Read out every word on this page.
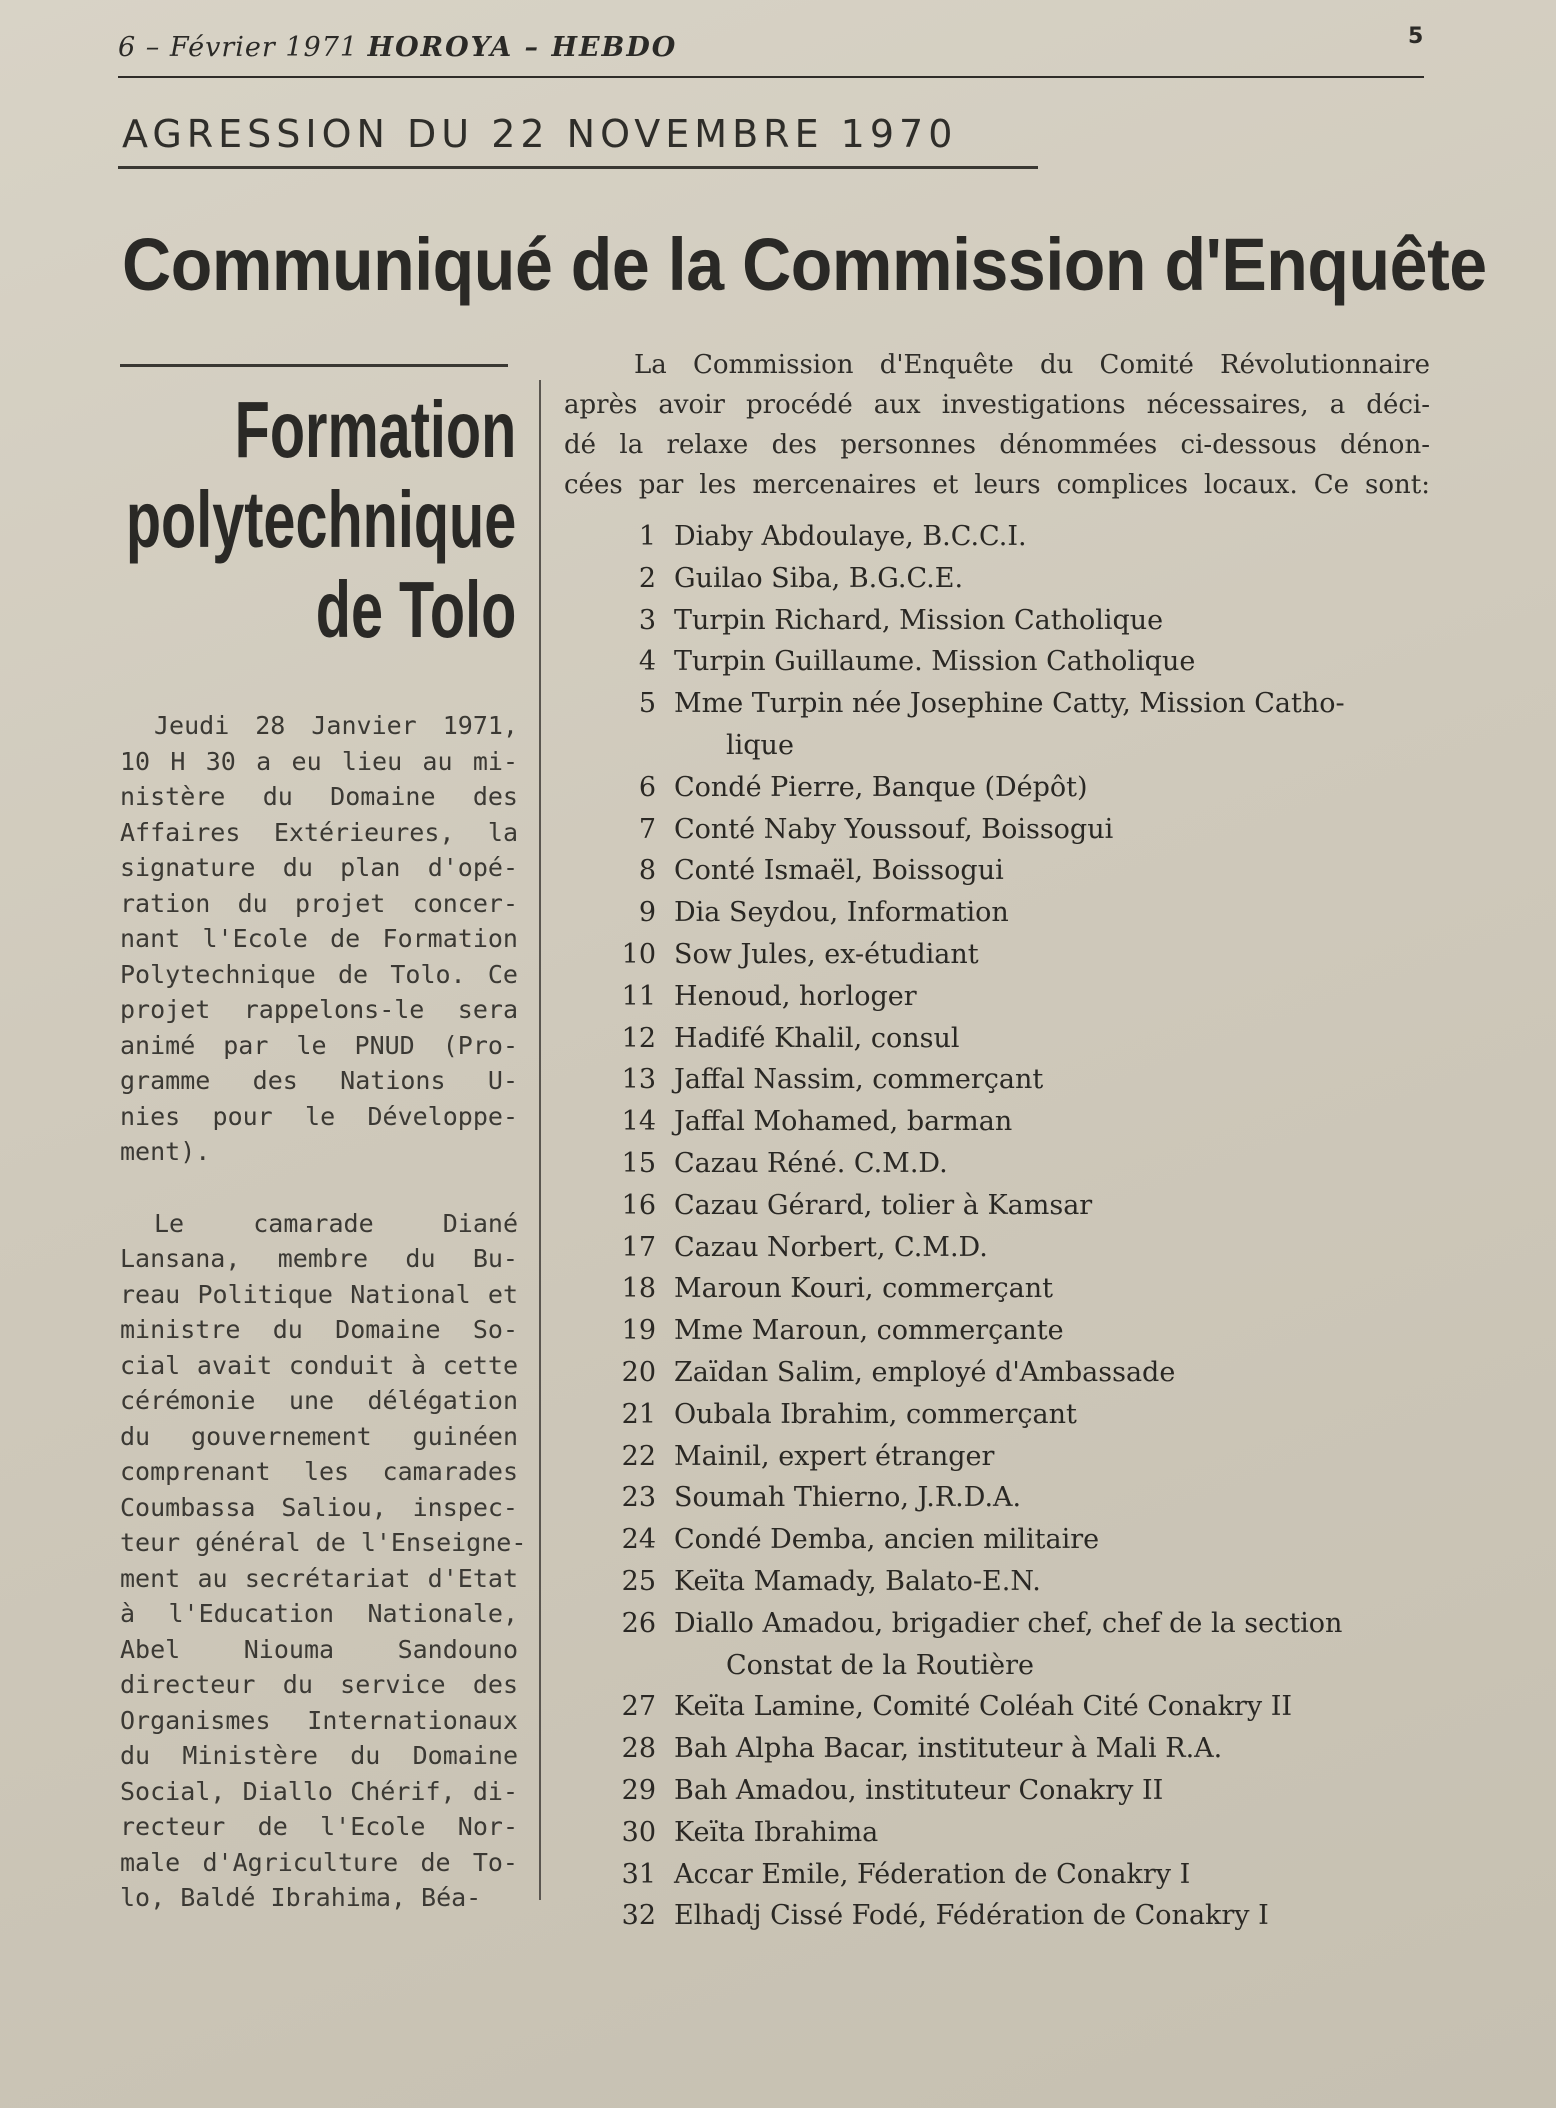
6 – Février 1971 HOROYA – HEBDO	5
AGRESSION DU 22 NOVEMBRE 1970
Communiqué de la Commission d'Enquête
Formation
polytechnique
de Tolo

Jeudi 28 Janvier 1971,
10 H 30 a eu lieu au mi-
nistère du Domaine des
Affaires Extérieures, la
signature du plan d'opé-
ration du projet concer-
nant l'Ecole de Formation
Polytechnique de Tolo. Ce
projet rappelons-le sera
animé par le PNUD (Pro-
gramme des Nations U-
nies pour le Développe-
ment).

Le camarade Diané
Lansana, membre du Bu-
reau Politique National et
ministre du Domaine So-
cial avait conduit à cette
cérémonie une délégation
du gouvernement guinéen
comprenant les camarades
Coumbassa Saliou, inspec-
teur général de l'Enseigne-
ment au secrétariat d'Etat
à l'Education Nationale,
Abel Niouma Sandouno
directeur du service des
Organismes Internationaux
du Ministère du Domaine
Social, Diallo Chérif, di-
recteur de l'Ecole Nor-
male d'Agriculture de To-
lo, Baldé Ibrahima, Béa-

La Commission d'Enquête du Comité Révolutionnaire
après avoir procédé aux investigations nécessaires, a déci-
dé la relaxe des personnes dénommées ci-dessous dénon-
cées par les mercenaires et leurs complices locaux. Ce sont:
1 Diaby Abdoulaye, B.C.C.I.
2 Guilao Siba, B.G.C.E.
3 Turpin Richard, Mission Catholique
4 Turpin Guillaume. Mission Catholique
5 Mme Turpin née Josephine Catty, Mission Catho-
lique
6 Condé Pierre, Banque (Dépôt)
7 Conté Naby Youssouf, Boissogui
8 Conté Ismaël, Boissogui
9 Dia Seydou, Information
10 Sow Jules, ex-étudiant
11 Henoud, horloger
12 Hadifé Khalil, consul
13 Jaffal Nassim, commerçant
14 Jaffal Mohamed, barman
15 Cazau Réné. C.M.D.
16 Cazau Gérard, tolier à Kamsar
17 Cazau Norbert, C.M.D.
18 Maroun Kouri, commerçant
19 Mme Maroun, commerçante
20 Zaïdan Salim, employé d'Ambassade
21 Oubala Ibrahim, commerçant
22 Mainil, expert étranger
23 Soumah Thierno, J.R.D.A.
24 Condé Demba, ancien militaire
25 Keïta Mamady, Balato-E.N.
26 Diallo Amadou, brigadier chef, chef de la section
Constat de la Routière
27 Keïta Lamine, Comité Coléah Cité Conakry II
28 Bah Alpha Bacar, instituteur à Mali R.A.
29 Bah Amadou, instituteur Conakry II
30 Keïta Ibrahima
31 Accar Emile, Féderation de Conakry I
32 Elhadj Cissé Fodé, Fédération de Conakry I
